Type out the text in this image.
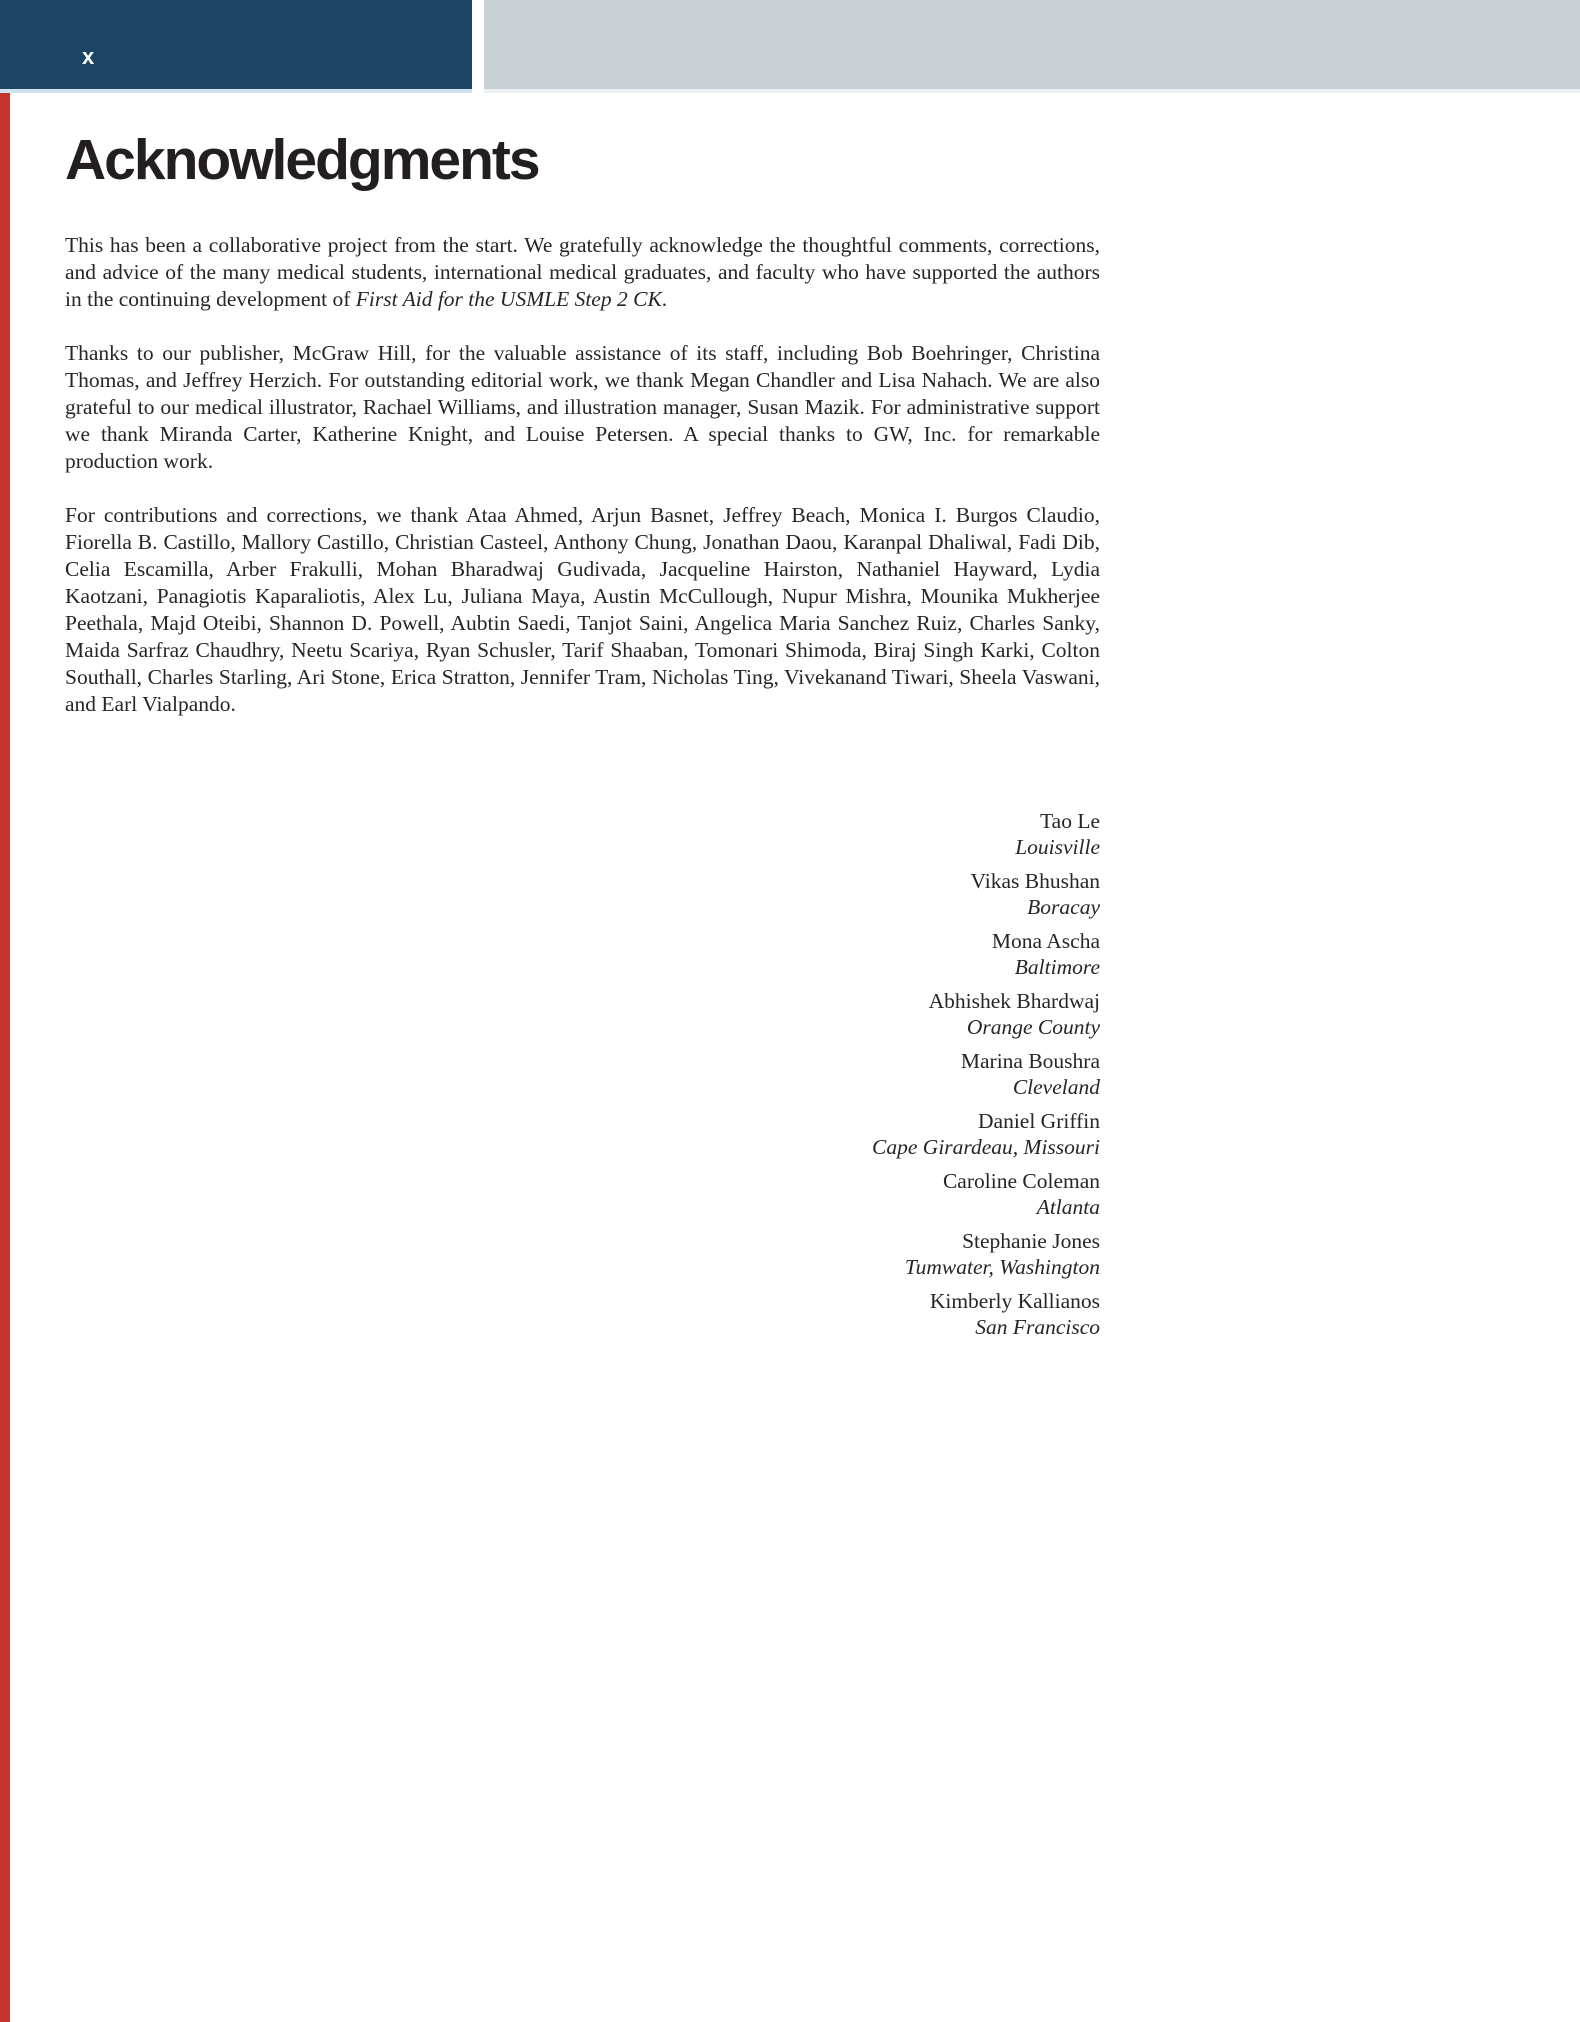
x
Acknowledgments

This has been a collaborative project from the start. We gratefully acknowledge the thoughtful comments, corrections, and advice of the many medical students, international medical graduates, and faculty who have supported the authors in the continuing development of First Aid for the USMLE Step 2 CK.

Thanks to our publisher, McGraw Hill, for the valuable assistance of its staff, including Bob Boehringer, Christina Thomas, and Jeffrey Herzich. For outstanding editorial work, we thank Megan Chandler and Lisa Nahach. We are also grateful to our medical illustrator, Rachael Williams, and illustration manager, Susan Mazik. For administrative support we thank Miranda Carter, Katherine Knight, and Louise Petersen. A special thanks to GW, Inc. for remarkable production work.

For contributions and corrections, we thank Ataa Ahmed, Arjun Basnet, Jeffrey Beach, Monica I. Burgos Claudio, Fiorella B. Castillo, Mallory Castillo, Christian Casteel, Anthony Chung, Jonathan Daou, Karanpal Dhaliwal, Fadi Dib, Celia Escamilla, Arber Frakulli, Mohan Bharadwaj Gudivada, Jacqueline Hairston, Nathaniel Hayward, Lydia Kaotzani, Panagiotis Kaparaliotis, Alex Lu, Juliana Maya, Austin McCullough, Nupur Mishra, Mounika Mukherjee Peethala, Majd Oteibi, Shannon D. Powell, Aubtin Saedi, Tanjot Saini, Angelica Maria Sanchez Ruiz, Charles Sanky, Maida Sarfraz Chaudhry, Neetu Scariya, Ryan Schusler, Tarif Shaaban, Tomonari Shimoda, Biraj Singh Karki, Colton Southall, Charles Starling, Ari Stone, Erica Stratton, Jennifer Tram, Nicholas Ting, Vivekanand Tiwari, Sheela Vaswani, and Earl Vialpando.

Tao Le
Louisville
Vikas Bhushan
Boracay
Mona Ascha
Baltimore
Abhishek Bhardwaj
Orange County
Marina Boushra
Cleveland
Daniel Griffin
Cape Girardeau, Missouri
Caroline Coleman
Atlanta
Stephanie Jones
Tumwater, Washington
Kimberly Kallianos
San Francisco
